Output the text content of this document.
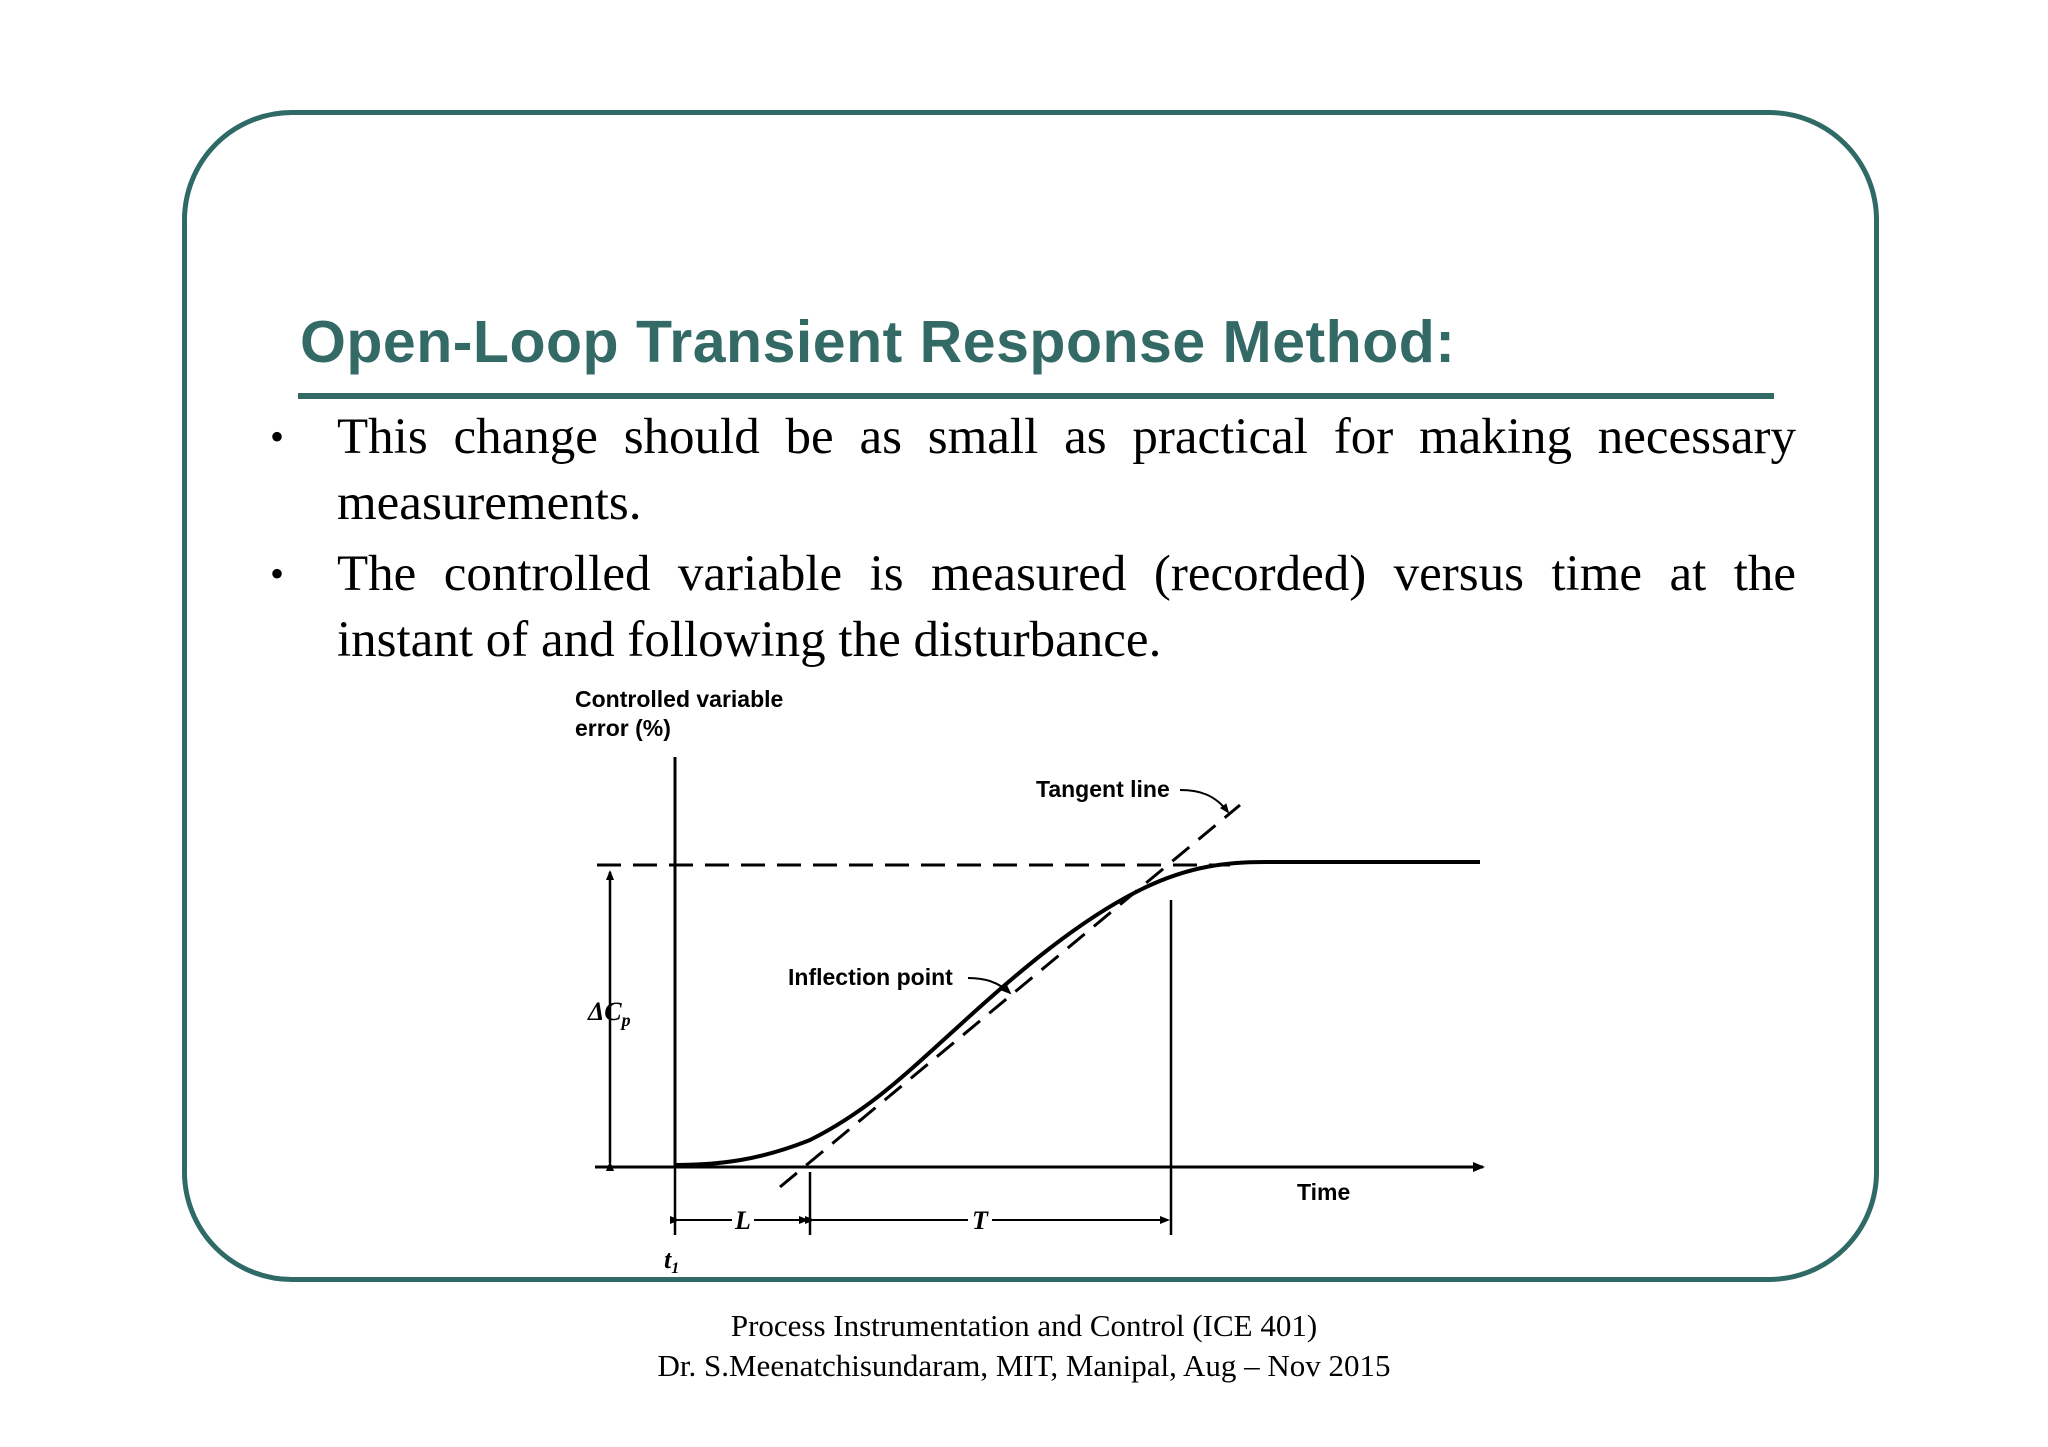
Open-Loop Transient Response Method:
• This change should be as small as practical for making necessary measurements.
• The controlled variable is measured (recorded) versus time at the instant of and following the disturbance.
Controlled variable
error (%)
Time
Tangent line
Inflection point
$\Delta C_p$
L	T
t1
Process Instrumentation and Control (ICE 401)
Dr. S.Meenatchisundaram, MIT, Manipal, Aug – Nov 2015
